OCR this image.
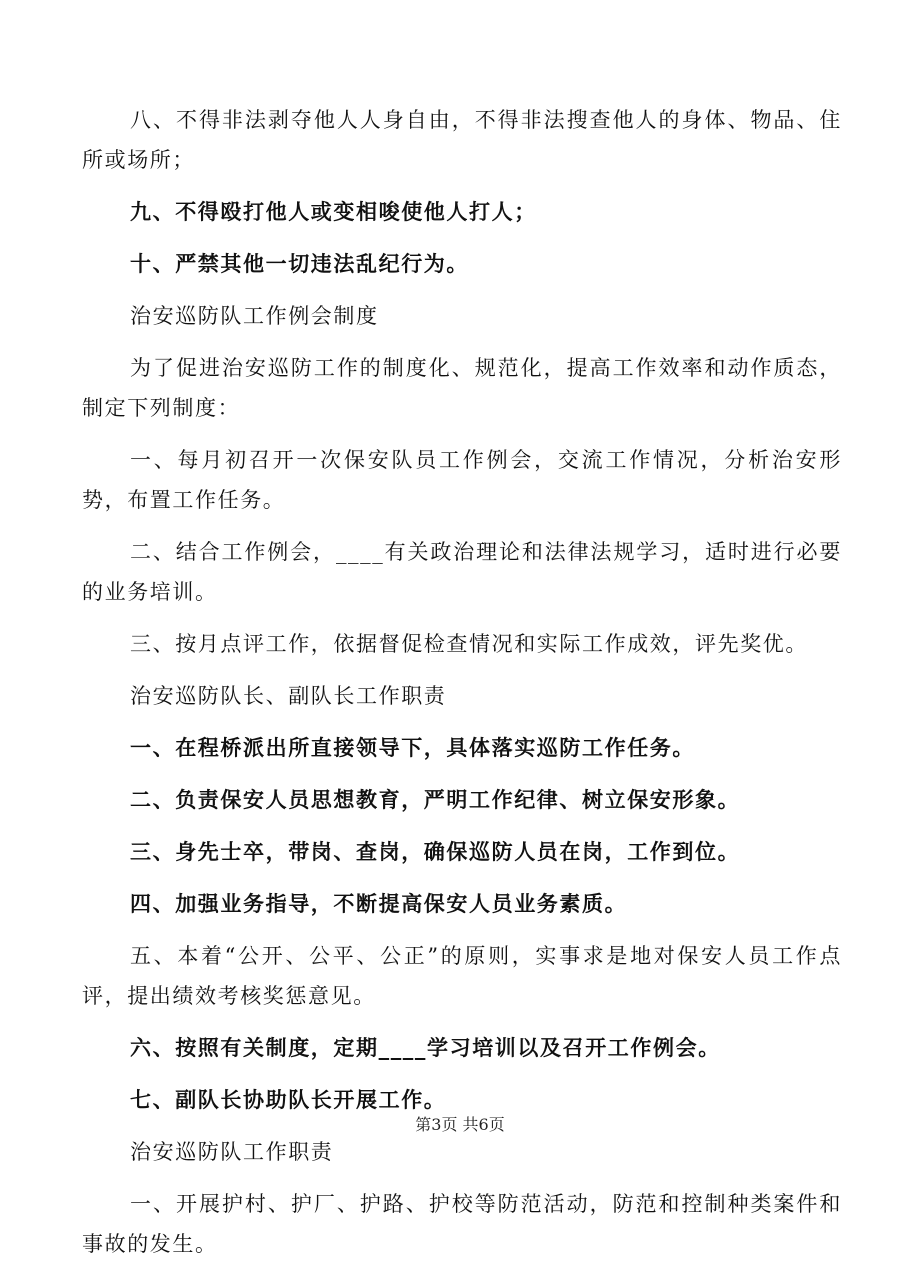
八、不得非法剥夺他人人身自由，不得非法搜查他人的身体、物品、住所或场所；

九、不得殴打他人或变相唆使他人打人；

十、严禁其他一切违法乱纪行为。

治安巡防队工作例会制度

为了促进治安巡防工作的制度化、规范化，提高工作效率和动作质态，制定下列制度：

一、每月初召开一次保安队员工作例会，交流工作情况，分析治安形势，布置工作任务。

二、结合工作例会，____有关政治理论和法律法规学习，适时进行必要的业务培训。

三、按月点评工作，依据督促检查情况和实际工作成效，评先奖优。

治安巡防队长、副队长工作职责

一、在程桥派出所直接领导下，具体落实巡防工作任务。

二、负责保安人员思想教育，严明工作纪律、树立保安形象。

三、身先士卒，带岗、查岗，确保巡防人员在岗，工作到位。

四、加强业务指导，不断提高保安人员业务素质。

五、本着“公开、公平、公正”的原则，实事求是地对保安人员工作点评，提出绩效考核奖惩意见。

六、按照有关制度，定期____学习培训以及召开工作例会。

七、副队长协助队长开展工作。

治安巡防队工作职责

一、开展护村、护厂、护路、护校等防范活动，防范和控制种类案件和事故的发生。

第3页 共6页
